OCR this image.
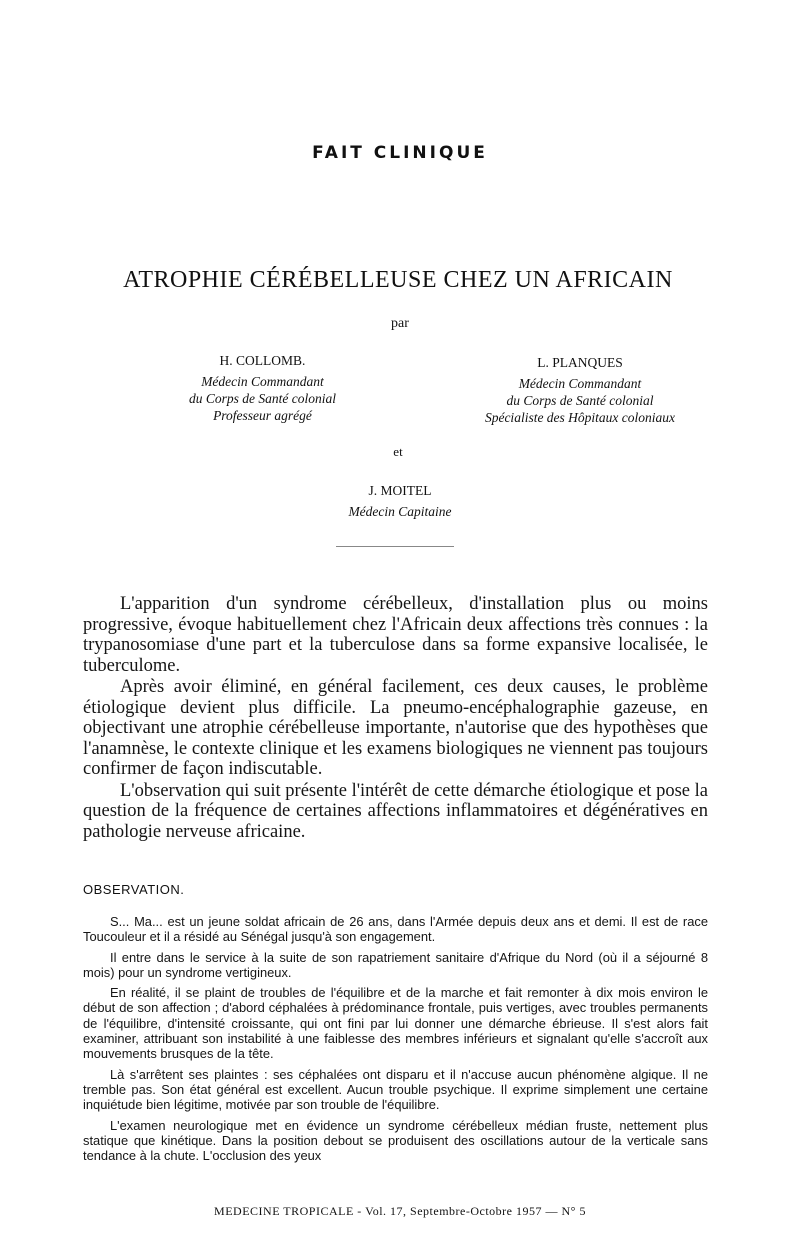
FAIT CLINIQUE
ATROPHIE CÉRÉBELLEUSE CHEZ UN AFRICAIN
par
H. COLLOMB.
Médecin Commandant
du Corps de Santé colonial
Professeur agrégé
L. PLANQUES
Médecin Commandant
du Corps de Santé colonial
Spécialiste des Hôpitaux coloniaux
et
J. MOITEL
Médecin Capitaine

L'apparition d'un syndrome cérébelleux, d'installation plus ou moins progressive, évoque habituellement chez l'Africain deux affections très connues : la trypanosomiase d'une part et la tuberculose dans sa forme expansive localisée, le tuberculome.

Après avoir éliminé, en général facilement, ces deux causes, le problème étiologique devient plus difficile. La pneumo-encéphalographie gazeuse, en objectivant une atrophie cérébelleuse importante, n'autorise que des hypothèses que l'anamnèse, le contexte clinique et les examens biologiques ne viennent pas toujours confirmer de façon indiscutable.

L'observation qui suit présente l'intérêt de cette démarche étiologique et pose la question de la fréquence de certaines affections inflammatoires et dégénératives en pathologie nerveuse africaine.

OBSERVATION.

S... Ma... est un jeune soldat africain de 26 ans, dans l'Armée depuis deux ans et demi. Il est de race Toucouleur et il a résidé au Sénégal jusqu'à son engagement.

Il entre dans le service à la suite de son rapatriement sanitaire d'Afrique du Nord (où il a séjourné 8 mois) pour un syndrome vertigineux.

En réalité, il se plaint de troubles de l'équilibre et de la marche et fait remonter à dix mois environ le début de son affection ; d'abord céphalées à prédominance frontale, puis vertiges, avec troubles permanents de l'équilibre, d'intensité croissante, qui ont fini par lui donner une démarche ébrieuse. Il s'est alors fait examiner, attribuant son instabilité à une faiblesse des membres inférieurs et signalant qu'elle s'accroît aux mouvements brusques de la tête.

Là s'arrêtent ses plaintes : ses céphalées ont disparu et il n'accuse aucun phénomène algique. Il ne tremble pas. Son état général est excellent. Aucun trouble psychique. Il exprime simplement une certaine inquiétude bien légitime, motivée par son trouble de l'équilibre.

L'examen neurologique met en évidence un syndrome cérébelleux médian fruste, nettement plus statique que kinétique. Dans la position debout se produisent des oscillations autour de la verticale sans tendance à la chute. L'occlusion des yeux

MEDECINE TROPICALE - Vol. 17, Septembre-Octobre 1957 — N° 5
